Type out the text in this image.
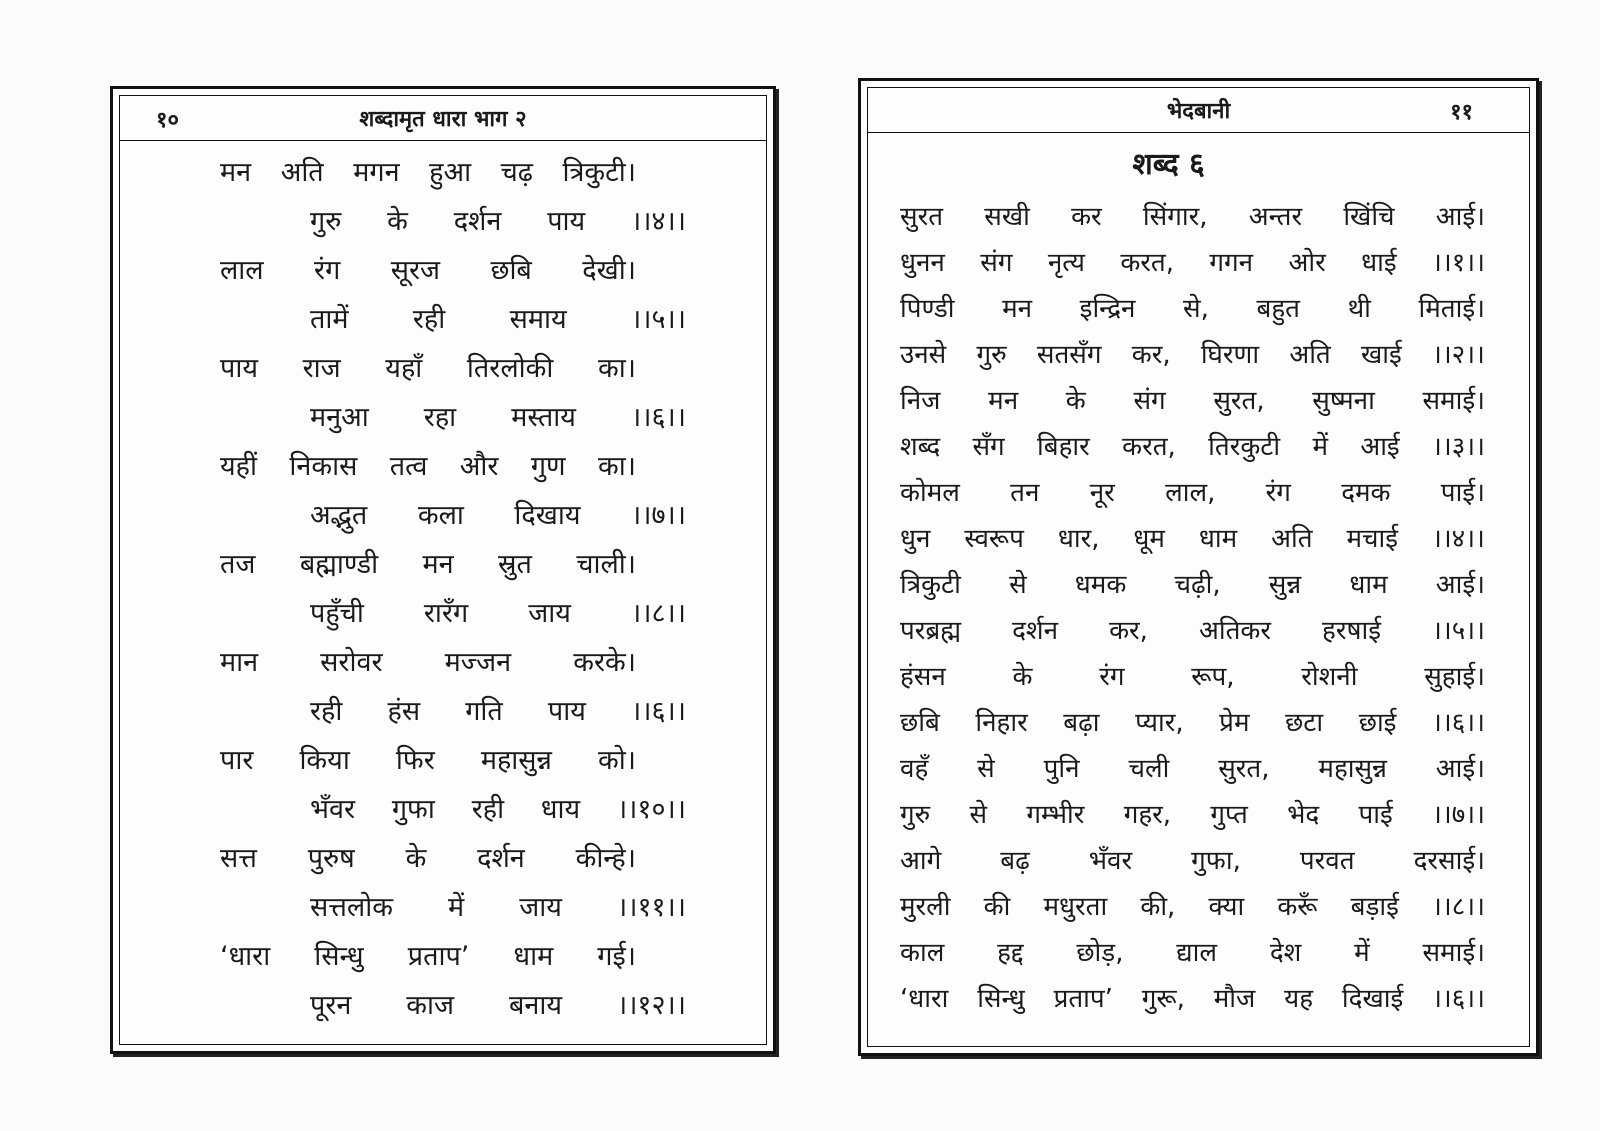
१०	शब्दामृत धारा भाग २
मन अति मगन हुआ चढ़ त्रिकुटी।
गुरु के दर्शन पाय ।।४।।
लाल रंग सूरज छबि देखी।
तामें रही समाय ।।५।।
पाय राज यहाँ तिरलोकी का।
मनुआ रहा मस्ताय ।।६।।
यहीं निकास तत्व और गुण का।
अद्भुत कला दिखाय ।।७।।
तज बह्माण्डी मन स्रुत चाली।
पहुँची रारँग जाय ।।८।।
मान सरोवर मज्जन करके।
रही हंस गति पाय ।।६।।
पार किया फिर महासुन्न को।
भँवर गुफा रही धाय ।।१०।।
सत्त पुरुष के दर्शन कीन्हे।
सत्तलोक में जाय ।।११।।
‘धारा सिन्धु प्रताप’ धाम गई।
पूरन काज बनाय ।।१२।।
भेदबानी	११
शब्द ६
सुरत सखी कर सिंगार, अन्तर खिंचि आई।
धुनन संग नृत्य करत, गगन ओर धाई ।।१।।
पिण्डी मन इन्द्रिन से, बहुत थी मिताई।
उनसे गुरु सतसँग कर, घिरणा अति खाई ।।२।।
निज मन के संग सुरत, सुष्मना समाई।
शब्द सँग बिहार करत, तिरकुटी में आई ।।३।।
कोमल तन नूर लाल, रंग दमक पाई।
धुन स्वरूप धार, धूम धाम अति मचाई ।।४।।
त्रिकुटी से धमक चढ़ी, सुन्न धाम आई।
परब्रह्म दर्शन कर, अतिकर हरषाई ।।५।।
हंसन	के	रंग	रूप,	रोशनी	सुहाई।
छबि निहार बढ़ा प्यार, प्रेम छटा छाई ।।६।।
वहँ से पुनि चली सुरत, महासुन्न आई।
गुरु से गम्भीर गहर, गुप्त भेद पाई ।।७।।
आगे बढ़ भँवर गुफा, परवत दरसाई।
मुरली की मधुरता की, क्या करूँ बड़ाई ।।८।।
काल हद्द छोड़, द्याल देश में समाई।
‘धारा सिन्धु प्रताप’ गुरू, मौज यह दिखाई ।।६।।
